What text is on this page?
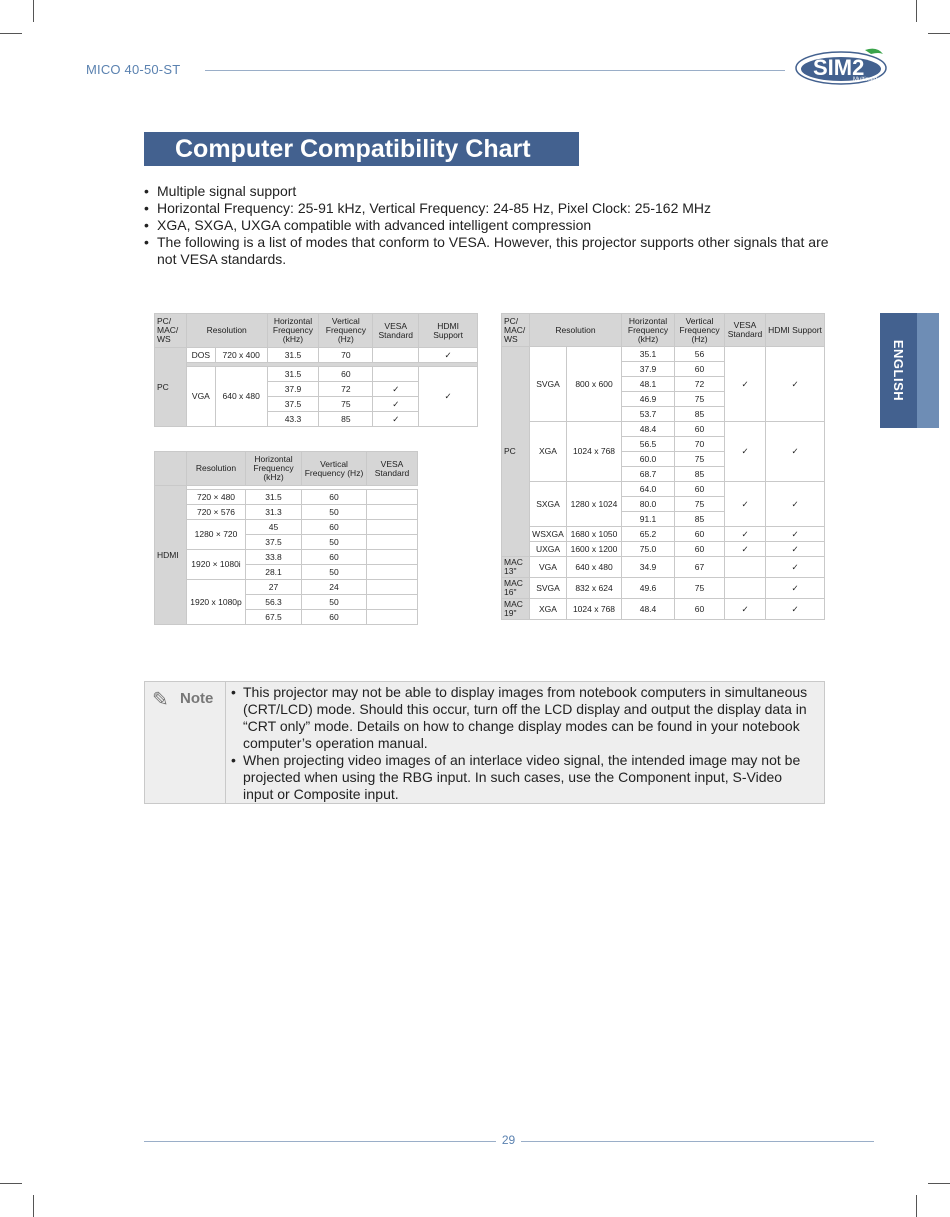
MICO 40-50-ST	SIM2
Multimedia
Computer Compatibility Chart
• Multiple signal support
• Horizontal Frequency: 25-91 kHz, Vertical Frequency: 24-85 Hz, Pixel Clock: 25-162 MHz
• XGA, SXGA, UXGA compatible with advanced intelligent compression
• The following is a list of modes that conform to VESA. However, this projector supports other signals that are not VESA standards.
ENGLISH
PC/ MAC/ WS	Resolution		Horizontal Frequency (kHz)	Vertical Frequency (Hz)	VESA Standard	HDMI Support
PC	DOS	720 x 400	31.5	70		✓

	VGA	640 x 480	31.5	60		✓
			37.9	72	✓	
			37.5	75	✓	
			43.3	85	✓	
	Resolution	Horizontal Frequency (kHz)	Vertical Frequency (Hz)	VESA Standard
HDMI				
	720 × 480	31.5	60	
	720 × 576	31.3	50	
	1280 × 720	45	60	
		37.5	50	
	1920 × 1080i	33.8	60	
		28.1	50	
	1920 x 1080p	27	24	
		56.3	50	
		67.5	60	
PC/ MAC/ WS	Resolution		Horizontal Frequency (kHz)	Vertical Frequency (Hz)	VESA Standard	HDMI Support
PC	SVGA	800 x 600	35.1	56	✓	✓
			37.9	60		
			48.1	72		
			46.9	75		
			53.7	85		
	XGA	1024 x 768	48.4	60	✓	✓
			56.5	70		
			60.0	75		
			68.7	85		
	SXGA	1280 x 1024	64.0	60	✓	✓
			80.0	75		
			91.1	85		
	WSXGA	1680 x 1050	65.2	60	✓	✓
	UXGA	1600 x 1200	75.0	60	✓	✓
MAC 13"	VGA	640 x 480	34.9	67		✓
MAC 16"	SVGA	832 x 624	49.6	75		✓
MAC 19"	XGA	1024 x 768	48.4	60	✓	✓
✎ Note	• This projector may not be able to display images from notebook computers in simultaneous (CRT/LCD) mode. Should this occur, turn off the LCD display and output the display data in “CRT only” mode. Details on how to change display modes can be found in your notebook computer’s operation manual.
• When projecting video images of an interlace video signal, the intended image may not be projected when using the RBG input. In such cases, use the Component input, S-Video input or Composite input.
29
